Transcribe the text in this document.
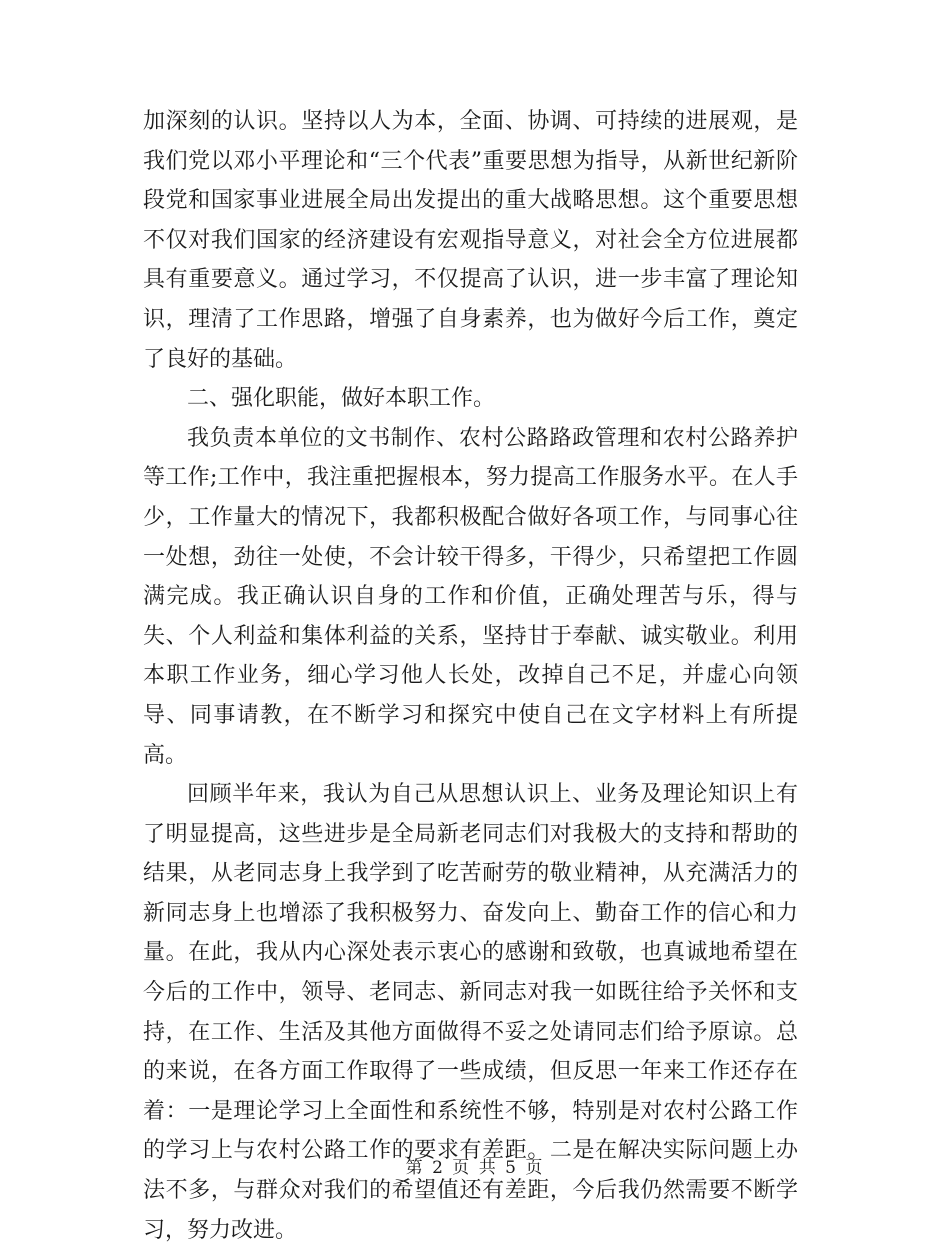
加深刻的认识。坚持以人为本，全面、协调、可持续的进展观，是我们党以邓小平理论和“三个代表”重要思想为指导，从新世纪新阶段党和国家事业进展全局出发提出的重大战略思想。这个重要思想不仅对我们国家的经济建设有宏观指导意义，对社会全方位进展都具有重要意义。通过学习，不仅提高了认识，进一步丰富了理论知识，理清了工作思路，增强了自身素养，也为做好今后工作，奠定了良好的基础。

二、强化职能，做好本职工作。

我负责本单位的文书制作、农村公路路政管理和农村公路养护等工作;工作中，我注重把握根本，努力提高工作服务水平。在人手少，工作量大的情况下，我都积极配合做好各项工作，与同事心往一处想，劲往一处使，不会计较干得多，干得少，只希望把工作圆满完成。我正确认识自身的工作和价值，正确处理苦与乐，得与失、个人利益和集体利益的关系，坚持甘于奉献、诚实敬业。利用本职工作业务，细心学习他人长处，改掉自己不足，并虚心向领导、同事请教，在不断学习和探究中使自己在文字材料上有所提高。

回顾半年来，我认为自己从思想认识上、业务及理论知识上有了明显提高，这些进步是全局新老同志们对我极大的支持和帮助的结果，从老同志身上我学到了吃苦耐劳的敬业精神，从充满活力的新同志身上也增添了我积极努力、奋发向上、勤奋工作的信心和力量。在此，我从内心深处表示衷心的感谢和致敬，也真诚地希望在今后的工作中，领导、老同志、新同志对我一如既往给予关怀和支持，在工作、生活及其他方面做得不妥之处请同志们给予原谅。总的来说，在各方面工作取得了一些成绩，但反思一年来工作还存在着：一是理论学习上全面性和系统性不够，特别是对农村公路工作的学习上与农村公路工作的要求有差距。二是在解决实际问题上办法不多，与群众对我们的希望值还有差距，今后我仍然需要不断学习，努力改进。

第 2 页 共 5 页
